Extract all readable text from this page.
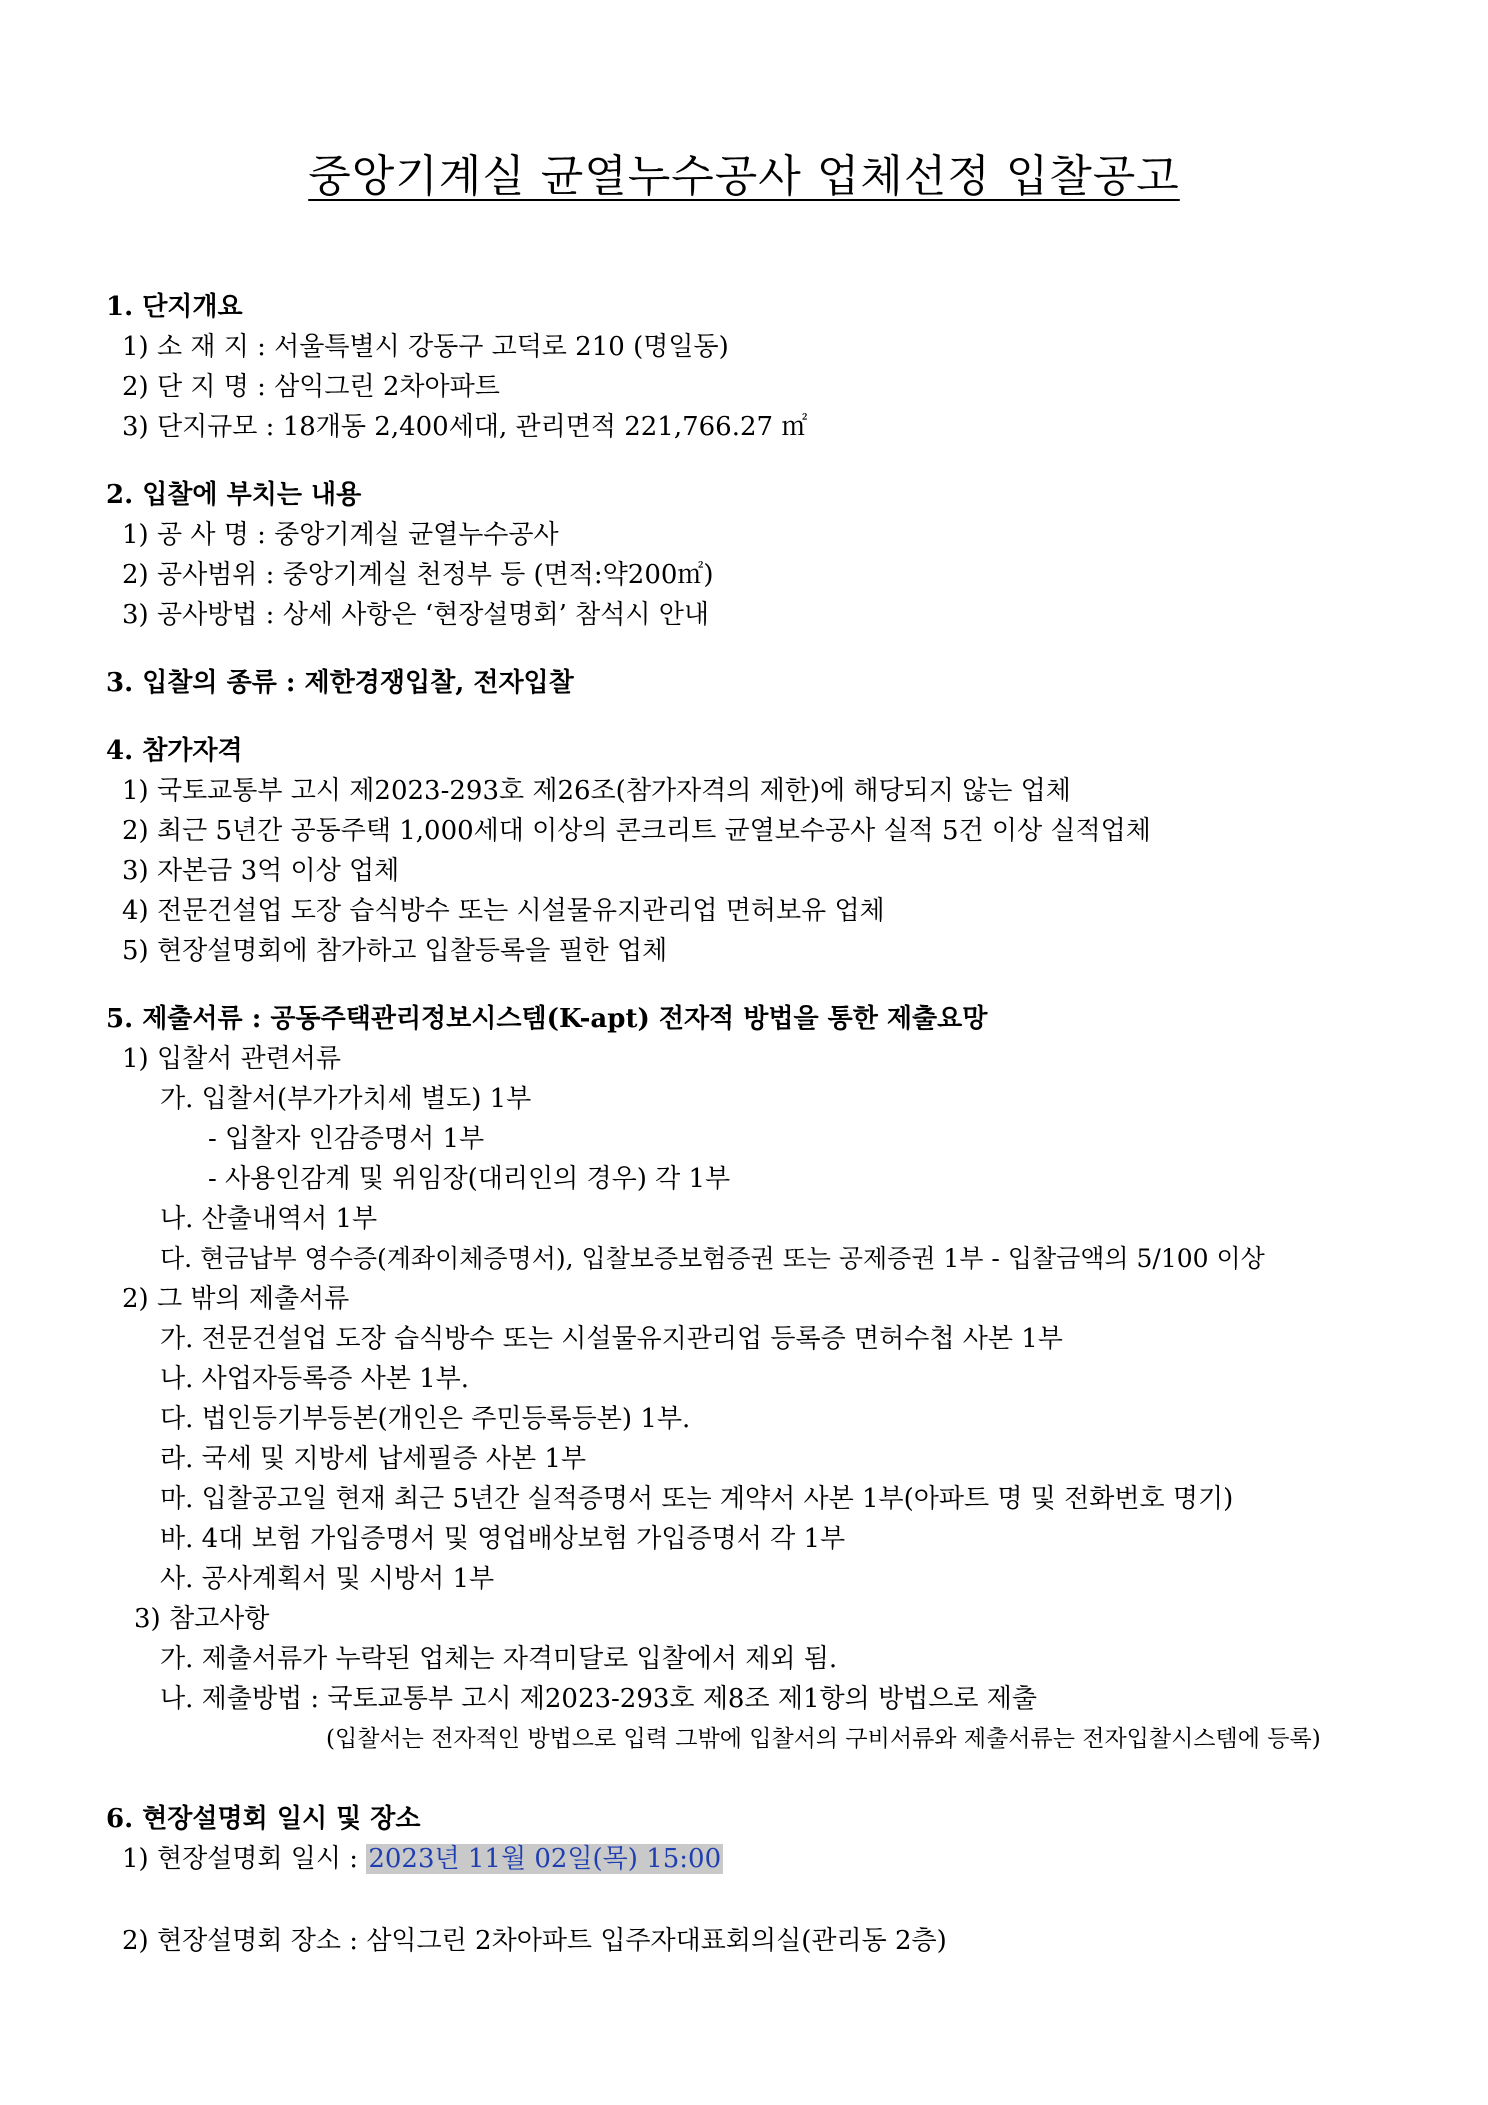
중앙기계실 균열누수공사 업체선정 입찰공고
1. 단지개요
1) 소 재 지 : 서울특별시 강동구 고덕로 210 (명일동)
2) 단 지 명 : 삼익그린 2차아파트
3) 단지규모 : 18개동 2,400세대, 관리면적 221,766.27 ㎡
2. 입찰에 부치는 내용
1) 공 사 명 : 중앙기계실 균열누수공사
2) 공사범위 : 중앙기계실 천정부 등 (면적:약200㎡)
3) 공사방법 : 상세 사항은 ‘현장설명회’ 참석시 안내
3. 입찰의 종류 : 제한경쟁입찰, 전자입찰
4. 참가자격
1) 국토교통부 고시 제2023-293호 제26조(참가자격의 제한)에 해당되지 않는 업체
2) 최근 5년간 공동주택 1,000세대 이상의 콘크리트 균열보수공사 실적 5건 이상 실적업체
3) 자본금 3억 이상 업체
4) 전문건설업 도장 습식방수 또는 시설물유지관리업 면허보유 업체
5) 현장설명회에 참가하고 입찰등록을 필한 업체
5. 제출서류 : 공동주택관리정보시스템(K-apt) 전자적 방법을 통한 제출요망
1) 입찰서 관련서류
가. 입찰서(부가가치세 별도) 1부
- 입찰자 인감증명서 1부
- 사용인감계 및 위임장(대리인의 경우) 각 1부
나. 산출내역서 1부
다. 현금납부 영수증(계좌이체증명서), 입찰보증보험증권 또는 공제증권 1부 - 입찰금액의 5/100 이상
2) 그 밖의 제출서류
가. 전문건설업 도장 습식방수 또는 시설물유지관리업 등록증 면허수첩 사본 1부
나. 사업자등록증 사본 1부.
다. 법인등기부등본(개인은 주민등록등본) 1부.
라. 국세 및 지방세 납세필증 사본 1부
마. 입찰공고일 현재 최근 5년간 실적증명서 또는 계약서 사본 1부(아파트 명 및 전화번호 명기)
바. 4대 보험 가입증명서 및 영업배상보험 가입증명서 각 1부
사. 공사계획서 및 시방서 1부
3) 참고사항
가. 제출서류가 누락된 업체는 자격미달로 입찰에서 제외 됨.
나. 제출방법 : 국토교통부 고시 제2023-293호 제8조 제1항의 방법으로 제출
(입찰서는 전자적인 방법으로 입력 그밖에 입찰서의 구비서류와 제출서류는 전자입찰시스템에 등록)
6. 현장설명회 일시 및 장소
1) 현장설명회 일시 : 2023년 11월 02일(목) 15:00
2) 현장설명회 장소 : 삼익그린 2차아파트 입주자대표회의실(관리동 2층)
